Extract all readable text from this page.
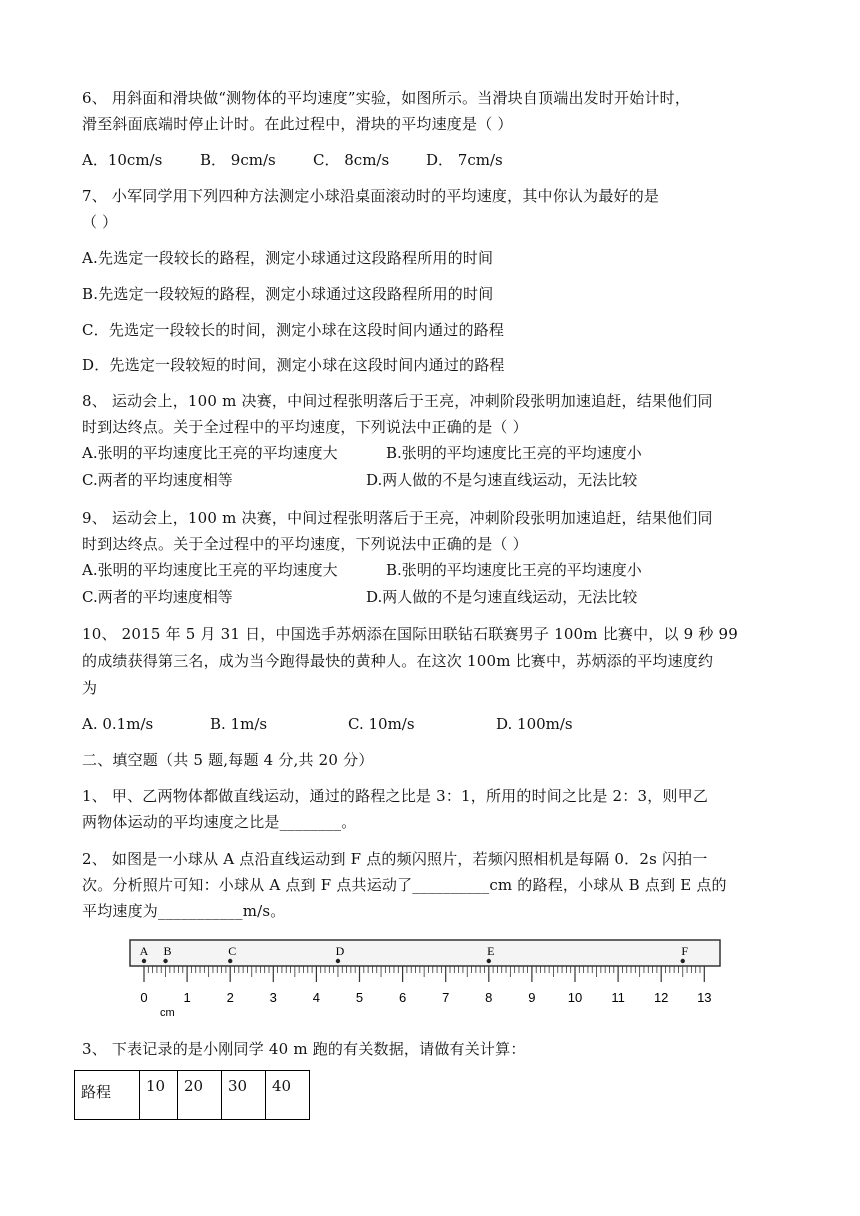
6、 用斜面和滑块做“测物体的平均速度”实验，如图所示。当滑块自顶端出发时开始计时，
滑至斜面底端时停止计时。在此过程中，滑块的平均速度是（ ）
A．10cm/s	B． 9cm/s C． 8cm/s D． 7cm/s
7、 小军同学用下列四种方法测定小球沿桌面滚动时的平均速度，其中你认为最好的是
（ ）
A.先选定一段较长的路程，测定小球通过这段路程所用的时间
B.先选定一段较短的路程，测定小球通过这段路程所用的时间
C．先选定一段较长的时间，测定小球在这段时间内通过的路程
D．先选定一段较短的时间，测定小球在这段时间内通过的路程
8、 运动会上，100 m 决赛，中间过程张明落后于王亮，冲刺阶段张明加速追赶，结果他们同
时到达终点。关于全过程中的平均速度，下列说法中正确的是（ ）
A.张明的平均速度比王亮的平均速度大	B.张明的平均速度比王亮的平均速度小
C.两者的平均速度相等	D.两人做的不是匀速直线运动，无法比较
9、 运动会上，100 m 决赛，中间过程张明落后于王亮，冲刺阶段张明加速追赶，结果他们同
时到达终点。关于全过程中的平均速度，下列说法中正确的是（ ）
A.张明的平均速度比王亮的平均速度大	B.张明的平均速度比王亮的平均速度小
C.两者的平均速度相等	D.两人做的不是匀速直线运动，无法比较
10、 2015 年 5 月 31 日，中国选手苏炳添在国际田联钻石联赛男子 100m 比赛中，以 9 秒 99
的成绩获得第三名，成为当今跑得最快的黄种人。在这次 100m 比赛中，苏炳添的平均速度约
为
A. 0.1m/s	B. 1m/s	C. 10m/s	D. 100m/s
二、填空题（共 5 题,每题 4 分,共 20 分）
1、 甲、乙两物体都做直线运动，通过的路程之比是 3：1，所用的时间之比是 2：3，则甲乙
两物体运动的平均速度之比是________。
2、 如图是一小球从 A 点沿直线运动到 F 点的频闪照片，若频闪照相机是每隔 0．2s 闪拍一
次。分析照片可知：小球从 A 点到 F 点共运动了__________cm 的路程，小球从 B 点到 E 点的
平均速度为___________m/s。
A B	C	D	E	F
0	1	2	3	4	5	6	7	8	9 10 11 12 13
cm
3、 下表记录的是小刚同学 40 m 跑的有关数据，请做有关计算：
路程	10	20	30	40
